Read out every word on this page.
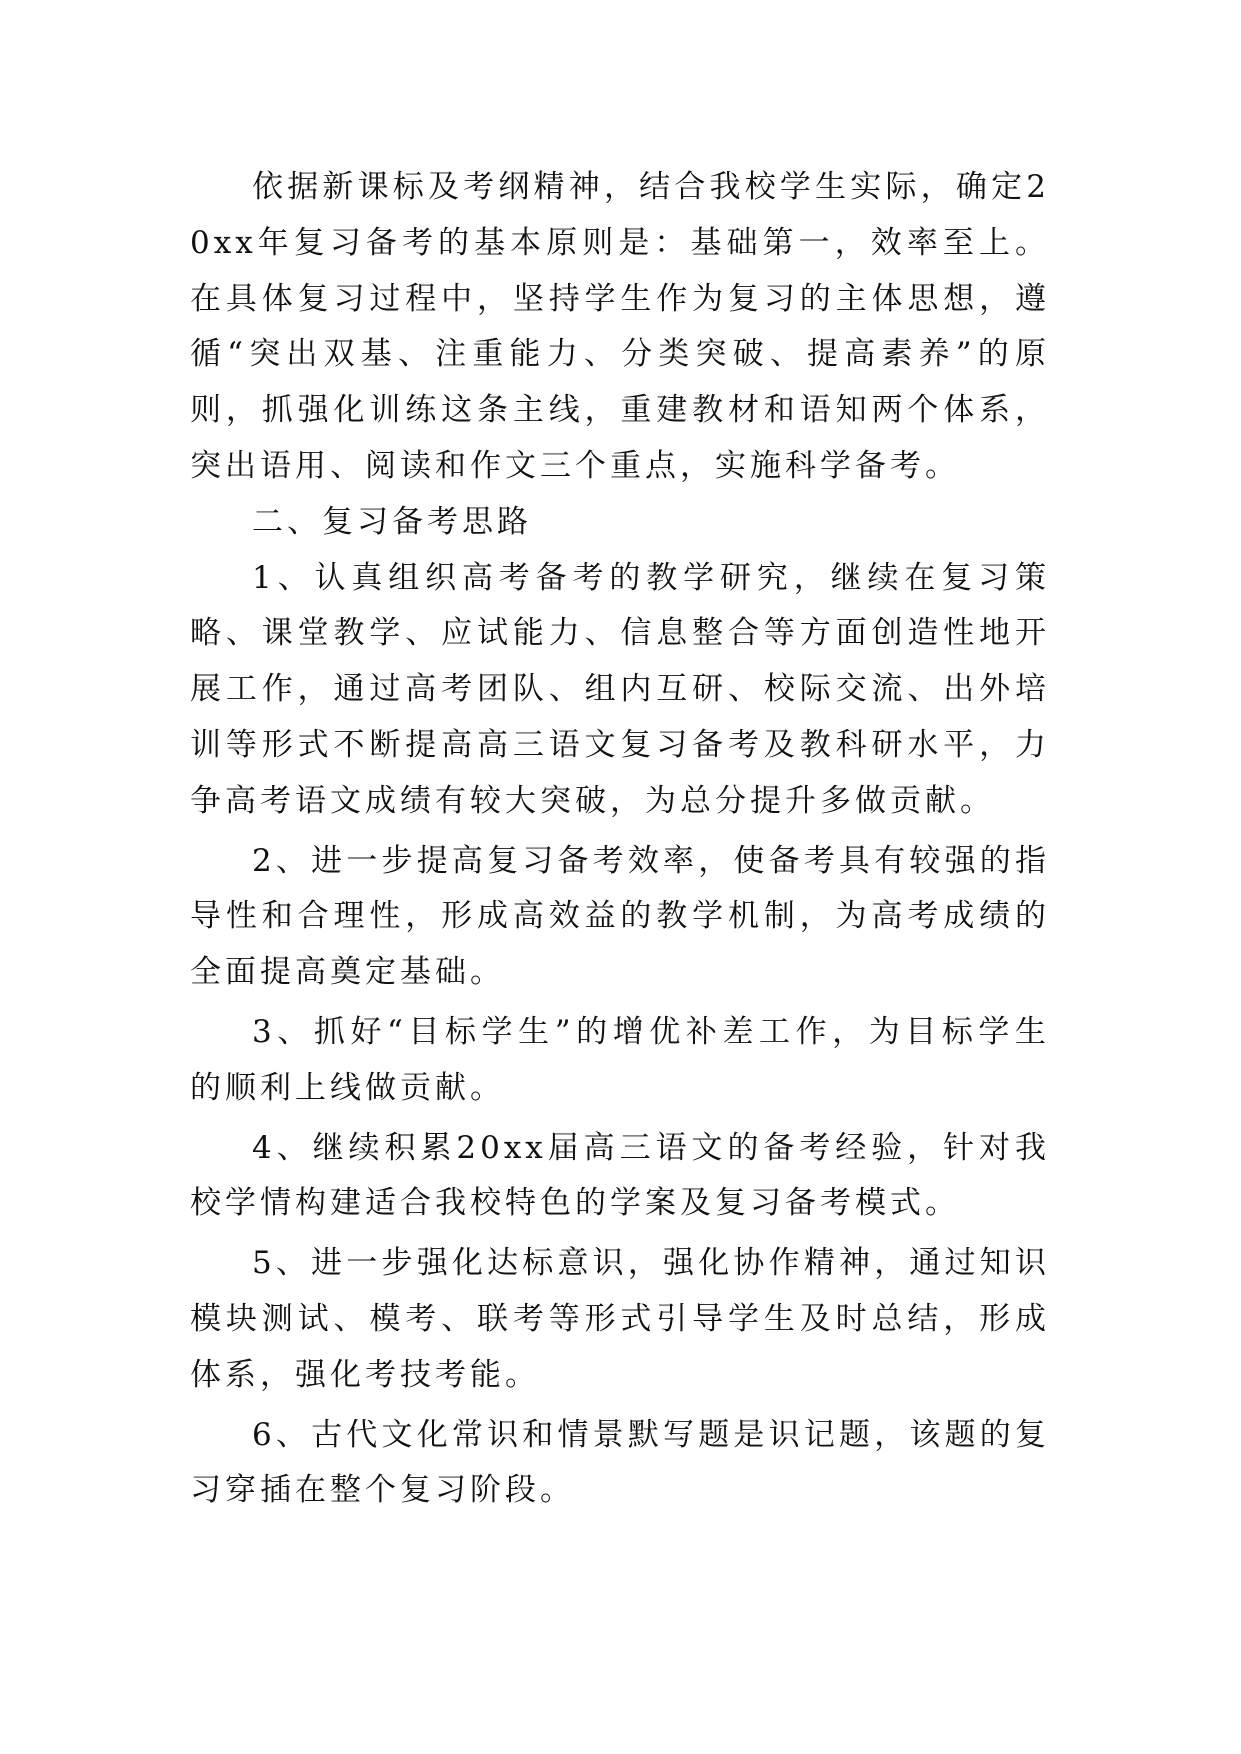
依据新课标及考纲精神，结合我校学生实际，确定20xx年复习备考的基本原则是：基础第一，效率至上。在具体复习过程中，坚持学生作为复习的主体思想，遵循“突出双基、注重能力、分类突破、提高素养”的原则，抓强化训练这条主线，重建教材和语知两个体系，突出语用、阅读和作文三个重点，实施科学备考。

二、复习备考思路

1、认真组织高考备考的教学研究，继续在复习策略、课堂教学、应试能力、信息整合等方面创造性地开展工作，通过高考团队、组内互研、校际交流、出外培训等形式不断提高高三语文复习备考及教科研水平，力争高考语文成绩有较大突破，为总分提升多做贡献。

2、进一步提高复习备考效率，使备考具有较强的指导性和合理性，形成高效益的教学机制，为高考成绩的全面提高奠定基础。

3、抓好“目标学生”的增优补差工作，为目标学生的顺利上线做贡献。

4、继续积累20xx届高三语文的备考经验，针对我校学情构建适合我校特色的学案及复习备考模式。

5、进一步强化达标意识，强化协作精神，通过知识模块测试、模考、联考等形式引导学生及时总结，形成体系，强化考技考能。

6、古代文化常识和情景默写题是识记题，该题的复习穿插在整个复习阶段。
